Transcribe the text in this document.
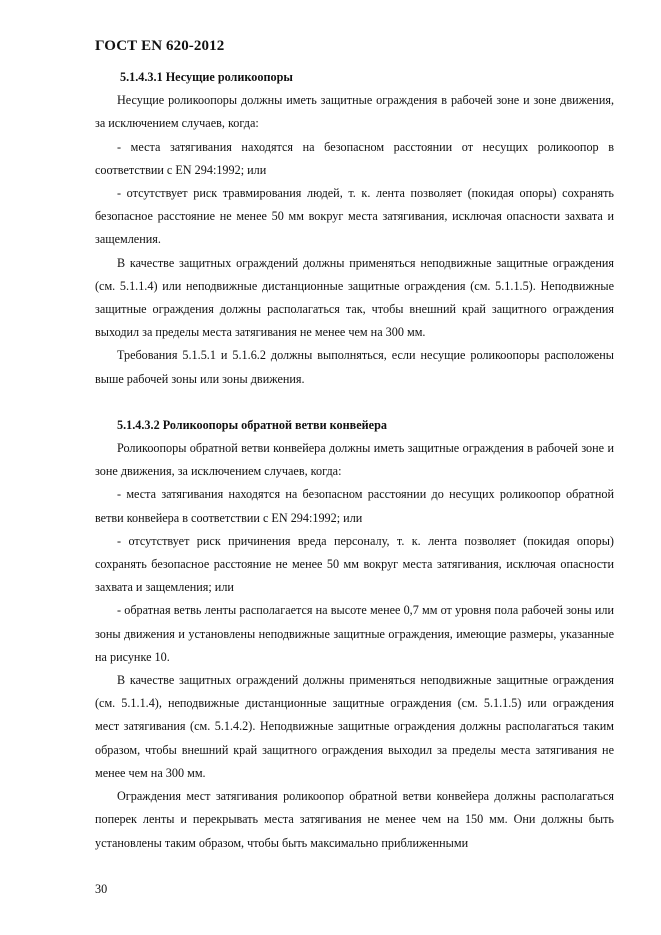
ГОСТ EN 620-2012
5.1.4.3.1 Несущие роликоопоры

Несущие роликоопоры должны иметь защитные ограждения в рабочей зоне и зоне движения, за исключением случаев, когда:

- места затягивания находятся на безопасном расстоянии от несущих роликоопор в соответствии с EN 294:1992; или

- отсутствует риск травмирования людей, т. к. лента позволяет (покидая опоры) сохранять безопасное расстояние не менее 50 мм вокруг места затягивания, исключая опасности захвата и защемления.

В качестве защитных ограждений должны применяться неподвижные защитные ограждения (см. 5.1.1.4) или неподвижные дистанционные защитные ограждения (см. 5.1.1.5). Неподвижные защитные ограждения должны располагаться так, чтобы внешний край защитного ограждения выходил за пределы места затягивания не менее чем на 300 мм.

Требования 5.1.5.1 и 5.1.6.2 должны выполняться, если несущие роликоопоры расположены выше рабочей зоны или зоны движения.

5.1.4.3.2 Роликоопоры обратной ветви конвейера

Роликоопоры обратной ветви конвейера должны иметь защитные ограждения в рабочей зоне и зоне движения, за исключением случаев, когда:

- места затягивания находятся на безопасном расстоянии до несущих роликоопор обратной ветви конвейера в соответствии с EN 294:1992; или

- отсутствует риск причинения вреда персоналу, т. к. лента позволяет (покидая опоры) сохранять безопасное расстояние не менее 50 мм вокруг места затягивания, исключая опасности захвата и защемления; или

- обратная ветвь ленты располагается на высоте менее 0,7 мм от уровня пола рабочей зоны или зоны движения и установлены неподвижные защитные ограждения, имеющие размеры, указанные на рисунке 10.

В качестве защитных ограждений должны применяться неподвижные защитные ограждения (см. 5.1.1.4), неподвижные дистанционные защитные ограждения (см. 5.1.1.5) или ограждения мест затягивания (см. 5.1.4.2). Неподвижные защитные ограждения должны располагаться таким образом, чтобы внешний край защитного ограждения выходил за пределы места затягивания не менее чем на 300 мм.

Ограждения мест затягивания роликоопор обратной ветви конвейера должны располагаться поперек ленты и перекрывать места затягивания не менее чем на 150 мм. Они должны быть установлены таким образом, чтобы быть максимально приближенными

30
